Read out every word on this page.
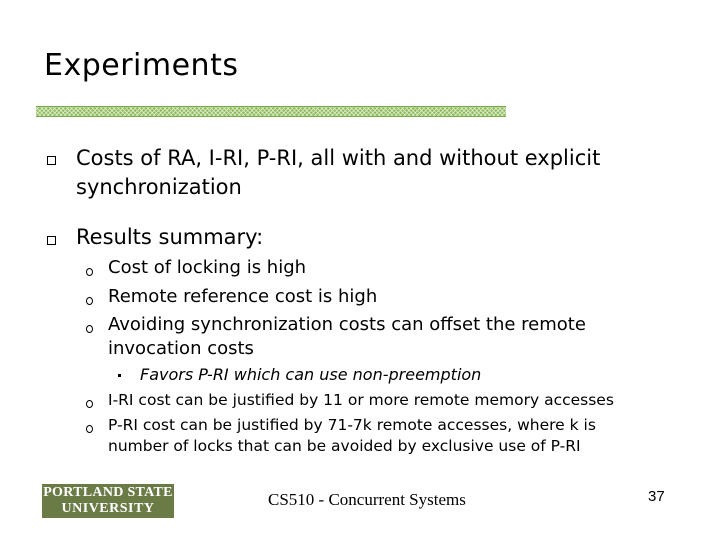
Experiments
Costs of RA, I-RI, P-RI, all with and without explicit
synchronization
Results summary:
Cost of locking is high
Remote reference cost is high
Avoiding synchronization costs can offset the remote
invocation costs
Favors P-RI which can use non-preemption
I-RI cost can be justified by 11 or more remote memory accesses
P-RI cost can be justified by 71-7k remote accesses, where k is
number of locks that can be avoided by exclusive use of P-RI
PORTLAND STATE
UNIVERSITY	CS510 - Concurrent Systems	37
